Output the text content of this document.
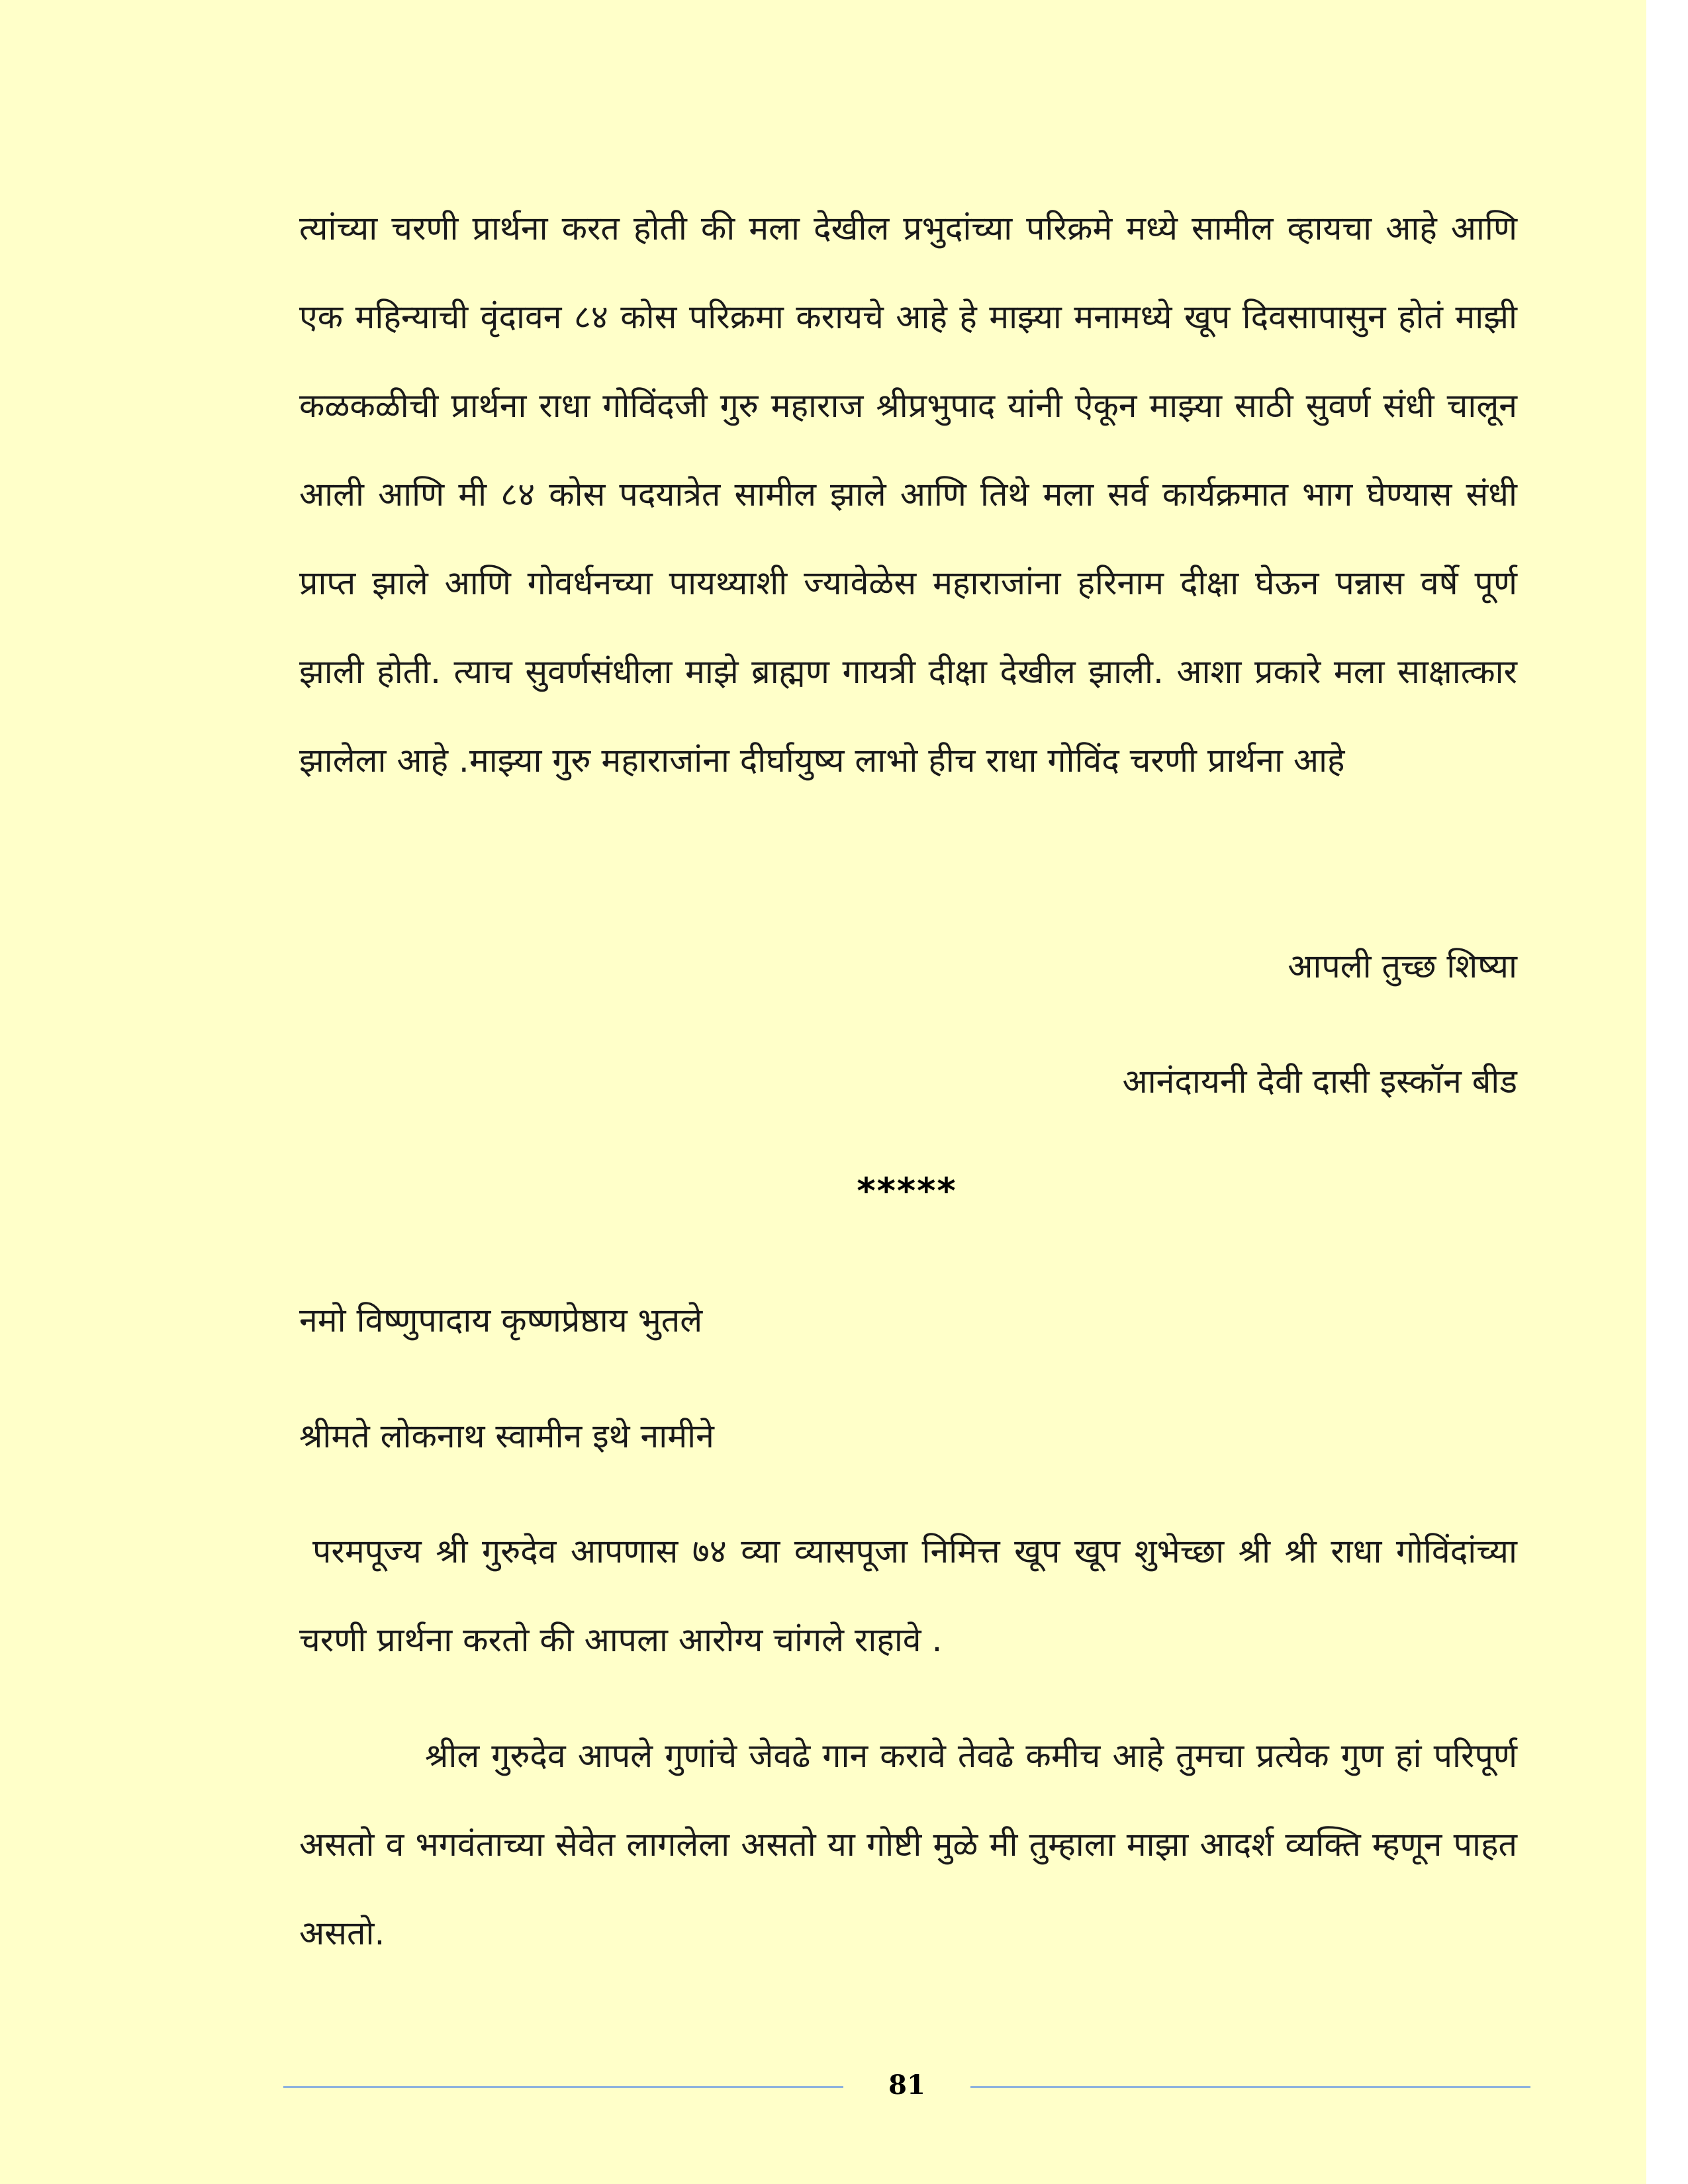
त्यांच्या चरणी प्रार्थना करत होती की मला देखील प्रभुदांच्या परिक्रमे मध्ये सामील व्हायचा आहे आणि एक महिन्याची वृंदावन ८४ कोस परिक्रमा करायचे आहे हे माझ्या मनामध्ये खूप दिवसापासुन होतं माझी कळकळीची प्रार्थना राधा गोविंदजी गुरु महाराज श्रीप्रभुपाद यांनी ऐकून माझ्या साठी सुवर्ण संधी चालून आली आणि मी ८४ कोस पदयात्रेत सामील झाले आणि तिथे मला सर्व कार्यक्रमात भाग घेण्यास संधी प्राप्त झाले आणि गोवर्धनच्या पायथ्याशी ज्यावेळेस महाराजांना हरिनाम दीक्षा घेऊन पन्नास वर्षे पूर्ण झाली होती. त्याच सुवर्णसंधीला माझे ब्राह्मण गायत्री दीक्षा देखील झाली. आशा प्रकारे मला साक्षात्कार झालेला आहे .माझ्या गुरु महाराजांना दीर्घायुष्य लाभो हीच राधा गोविंद चरणी प्रार्थना आहे

आपली तुच्छ शिष्या

आनंदायनी देवी दासी इस्कॉन बीड

*****

नमो विष्णुपादाय कृष्णप्रेष्ठाय भुतले

श्रीमते लोकनाथ स्वामीन इथे नामीने

परमपूज्य श्री गुरुदेव आपणास ७४ व्या व्यासपूजा निमित्त खूप खूप शुभेच्छा श्री श्री राधा गोविंदांच्या चरणी प्रार्थना करतो की आपला आरोग्य चांगले राहावे .

श्रील गुरुदेव आपले गुणांचे जेवढे गान करावे तेवढे कमीच आहे तुमचा प्रत्येक गुण हां परिपूर्ण असतो व भगवंताच्या सेवेत लागलेला असतो या गोष्टी मुळे मी तुम्हाला माझा आदर्श व्यक्ति म्हणून पाहत असतो.

81
